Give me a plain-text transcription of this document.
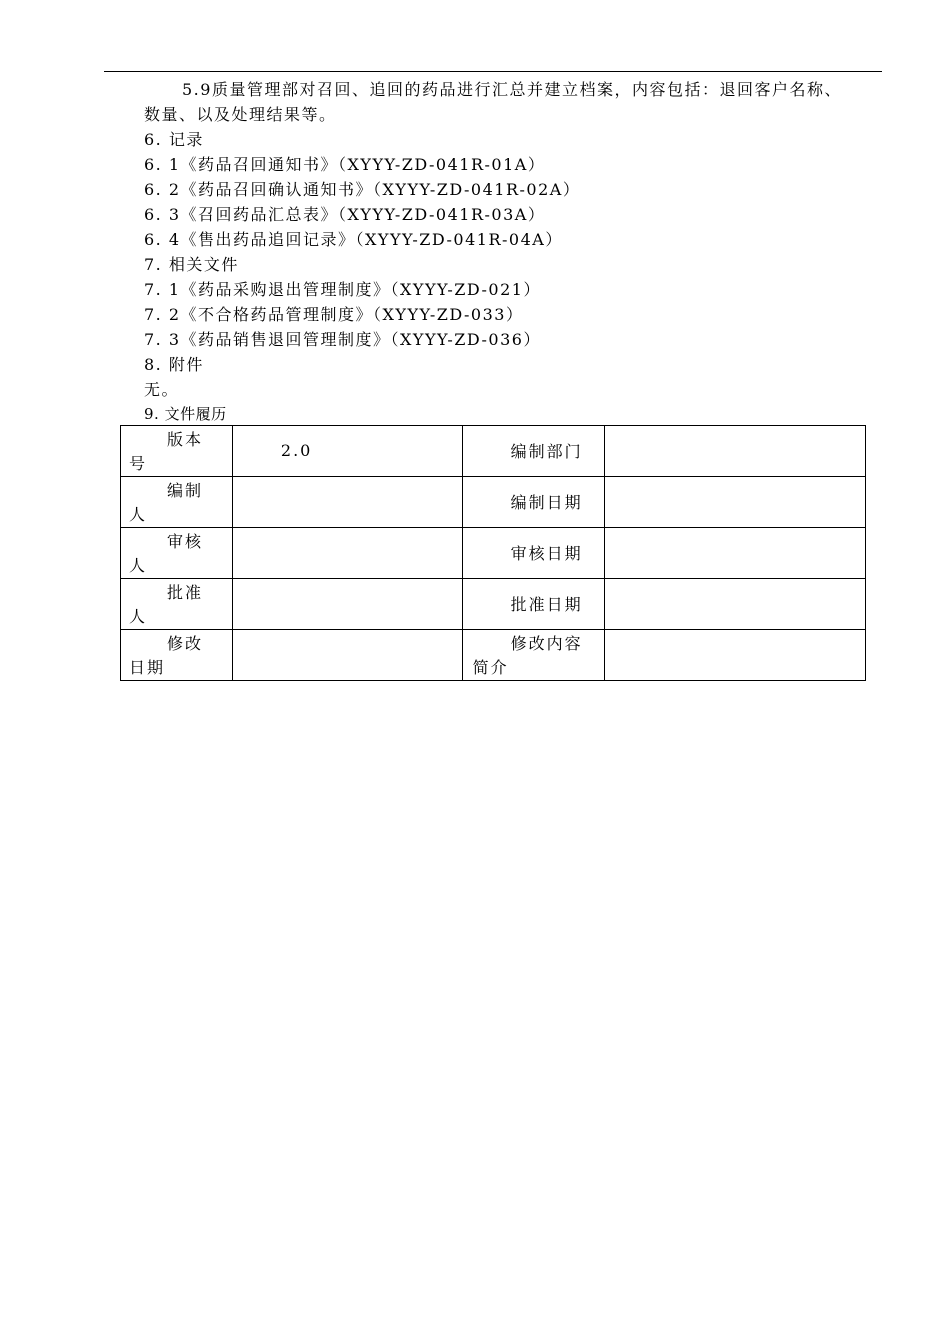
5.9质量管理部对召回、追回的药品进行汇总并建立档案，内容包括：退回客户名称、
数量、以及处理结果等。
6. 记录
6. 1《药品召回通知书》（XYYY-ZD-041R-01A）
6. 2《药品召回确认通知书》（XYYY-ZD-041R-02A）
6. 3《召回药品汇总表》（XYYY-ZD-041R-03A）
6. 4《售出药品追回记录》（XYYY-ZD-041R-04A）
7. 相关文件
7. 1《药品采购退出管理制度》（XYYY-ZD-021）
7. 2《不合格药品管理制度》（XYYY-ZD-033）
7. 3《药品销售退回管理制度》（XYYY-ZD-036）
8. 附件
无。
9. 文件履历
版本
号	2.0	编制部门	

编制
人		编制日期	

审核
人		审核日期	

批准
人		批准日期	

修改
日期		修改内容
简介	
